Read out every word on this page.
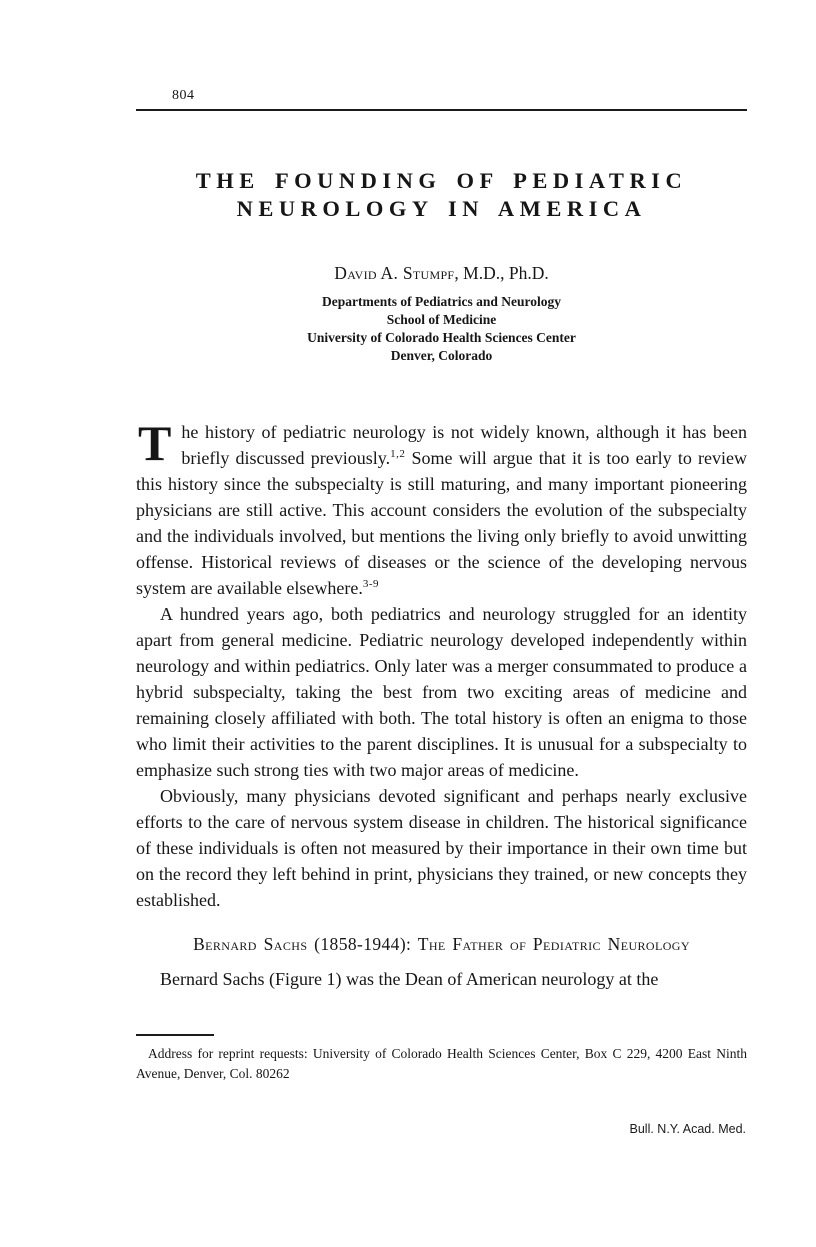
804
THE FOUNDING OF PEDIATRIC
NEUROLOGY IN AMERICA
David A. Stumpf, M.D., Ph.D.
Departments of Pediatrics and Neurology
School of Medicine
University of Colorado Health Sciences Center
Denver, Colorado

The history of pediatric neurology is not widely known, although it has been briefly discussed previously.$^{1,2}$ Some will argue that it is too early to review this history since the subspecialty is still maturing, and many important pioneering physicians are still active. This account considers the evolution of the subspecialty and the individuals involved, but mentions the living only briefly to avoid unwitting offense. Historical reviews of diseases or the science of the developing nervous system are available elsewhere.$^{3-9}$

A hundred years ago, both pediatrics and neurology struggled for an identity apart from general medicine. Pediatric neurology developed independently within neurology and within pediatrics. Only later was a merger consummated to produce a hybrid subspecialty, taking the best from two exciting areas of medicine and remaining closely affiliated with both. The total history is often an enigma to those who limit their activities to the parent disciplines. It is unusual for a subspecialty to emphasize such strong ties with two major areas of medicine.

Obviously, many physicians devoted significant and perhaps nearly exclusive efforts to the care of nervous system disease in children. The historical significance of these individuals is often not measured by their importance in their own time but on the record they left behind in print, physicians they trained, or new concepts they established.

Bernard Sachs (1858-1944): The Father of Pediatric Neurology

Bernard Sachs (Figure 1) was the Dean of American neurology at the

Address for reprint requests: University of Colorado Health Sciences Center, Box C 229, 4200 East Ninth Avenue, Denver, Col. 80262

Bull. N.Y. Acad. Med.
